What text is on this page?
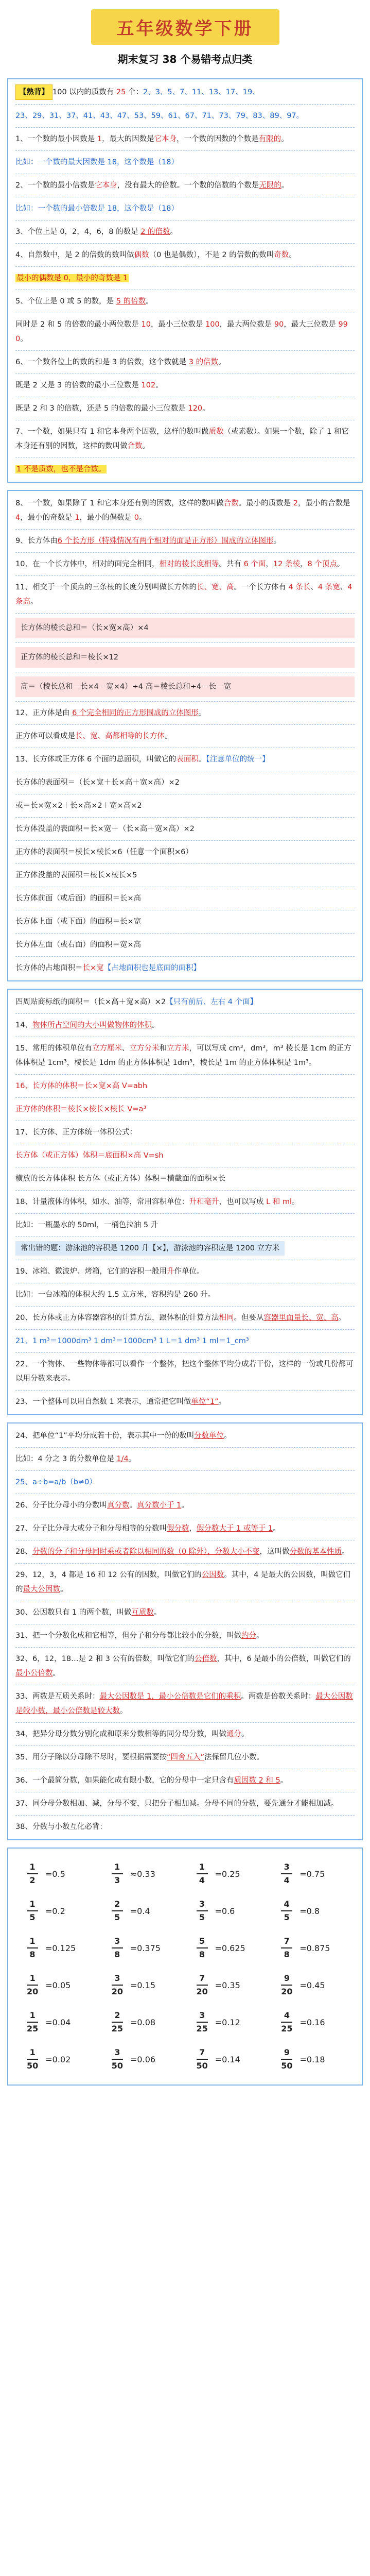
五年级数学下册
期末复习 38 个易错考点归类
【熟背】 100 以内的质数有 25 个：2、3、5、7、11、13、17、19、
23、29、31、37、41、43、47、53、59、61、67、71、73、79、83、89、97。
1、一个数的最小因数是 1，最大的因数是它本身，一个数的因数的个数是有限的。
比如：一个数的最大因数是 18，这个数是（18）
2、一个数的最小倍数是它本身，没有最大的倍数。一个数的倍数的个数是无限的。
比如：一个数的最小倍数是 18，这个数是（18）
3、个位上是 0，2，4，6，8 的数是 2 的倍数。
4、自然数中，是 2 的倍数的数叫做偶数（0 也是偶数），不是 2 的倍数的数叫奇数。
最小的偶数是 0，最小的奇数是 1
5、个位上是 0 或 5 的数，是 5 的倍数。
同时是 2 和 5 的倍数的最小两位数是 10，最小三位数是 100，最大两位数是 90，最大三位数是 990。
6、一个数各位上的数的和是 3 的倍数，这个数就是 3 的倍数。
既是 2 又是 3 的倍数的最小三位数是 102。
既是 2 和 3 的倍数，还是 5 的倍数的最小三位数是 120。
7、一个数，如果只有 1 和它本身两个因数，这样的数叫做质数（或素数）。如果一个数，除了 1 和它本身还有别的因数，这样的数叫做合数。
1 不是质数，也不是合数。
8、一个数，如果除了 1 和它本身还有别的因数，这样的数叫做合数。最小的质数是 2，最小的合数是 4，最小的奇数是 1，最小的偶数是 0。
9、长方体由6 个长方形（特殊情况有两个相对的面是正方形）围成的立体图形。
10、在一个长方体中，相对的面完全相同，相对的棱长度相等。共有 6 个面，12 条棱，8 个顶点。
11、相交于一个顶点的三条棱的长度分别叫做长方体的长、宽、高。一个长方体有 4 条长、4 条宽、4 条高。
长方体的棱长总和＝（长×宽×高）×4
正方体的棱长总和＝棱长×12
高＝（棱长总和－长×4－宽×4）÷4 高＝棱长总和÷4－长－宽
12、正方体是由 6 个完全相同的正方形围成的立体图形。
正方体可以看成是长、宽、高都相等的长方体。
13、长方体或正方体 6 个面的总面积，叫做它的表面积。【注意单位的统一】
长方体的表面积＝（长×宽＋长×高＋宽×高）×2
或＝长×宽×2＋长×高×2＋宽×高×2
长方体没盖的表面积＝长×宽＋（长×高＋宽×高）×2
正方体的表面积＝棱长×棱长×6（任意一个面积×6）
正方体没盖的表面积＝棱长×棱长×5
长方体前面（或后面）的面积＝长×高
长方体上面（或下面）的面积＝长×宽
长方体左面（或右面）的面积＝宽×高
长方体的占地面积＝长×宽【占地面积也是底面的面积】
四周贴商标纸的面积＝（长×高＋宽×高）×2【只有前后、左右 4 个面】
14、物体所占空间的大小叫做物体的体积。
15、常用的体积单位有立方厘米、立方分米和立方米，可以写成 cm³，dm³，m³ 棱长是 1cm 的正方体体积是 1cm³，棱长是 1dm 的正方体体积是 1dm³，棱长是 1m 的正方体体积是 1m³。
16、长方体的体积＝长×宽×高 V=abh
正方体的体积＝棱长×棱长×棱长 V=a³
17、长方体、正方体统一体积公式：
长方体（或正方体）体积＝底面积×高 V=sh
横放的长方体体积 长方体（或正方体）体积＝横截面的面积×长
18、计量液体的体积，如水、油等，常用容积单位：升和毫升，也可以写成 L 和 ml。
比如：一瓶墨水的 50ml，一桶色拉油 5 升
常出错的题：游泳池的容积是 1200 升【×】，游泳池的容积应是 1200 立方米
19、冰箱、微波炉、烤箱，它们的容积一般用升作单位。
比如：一台冰箱的体积大约 1.5 立方米，容积约是 260 升。
20、长方体或正方体容器容积的计算方法，跟体积的计算方法相同。但要从容器里面量长、宽、高。
21、1 m³＝1000dm³ 1 dm³＝1000cm³ 1 L＝1 dm³ 1 ml＝1_cm³
22、一个物体、一些物体等都可以看作一个整体，把这个整体平均分成若干份，这样的一份或几份都可以用分数来表示。
23、一个整体可以用自然数 1 来表示，通常把它叫做单位“1”。
24、把单位“1”平均分成若干份，表示其中一份的数叫分数单位。
比如：4 分之 3 的分数单位是 1/4。
25、a÷b=a/b（b≠0）
26、分子比分母小的分数叫真分数。真分数小于 1。
27、分子比分母大或分子和分母相等的分数叫假分数，假分数大于 1 或等于 1。
28、分数的分子和分母同时乘或者除以相同的数（0 除外），分数大小不变，这叫做分数的基本性质。
29、12，3，4 都是 16 和 12 公有的因数，叫做它们的公因数。其中，4 是最大的公因数，叫做它们的最大公因数。
30、公因数只有 1 的两个数，叫做互质数。
31、把一个分数化成和它相等，但分子和分母都比较小的分数，叫做约分。
32、6，12，18…是 2 和 3 公有的倍数，叫做它们的公倍数，其中，6 是最小的公倍数，叫做它们的最小公倍数。
33、两数是互质关系时：最大公因数是 1，最小公倍数是它们的乘积。两数是倍数关系时：最大公因数是较小数，最小公倍数是较大数。
34、把异分母分数分别化成和原来分数相等的同分母分数，叫做通分。
35、用分子除以分母除不尽时，要根据需要按“四舍五入”法保留几位小数。
36、一个最简分数，如果能化成有限小数，它的分母中一定只含有质因数 2 和 5。
37、同分母分数相加、减，分母不变，只把分子相加减。分母不同的分数，要先通分才能相加减。
38、分数与小数互化必背：
$\frac{1}{2} =0.5$	$\frac{1}{3} \approx 0.33$	$\frac{1}{4} =0.25$	$\frac{3}{4} =0.75$
$\frac{1}{5} =0.2$	$\frac{2}{5} =0.4$	$\frac{3}{5} =0.6$	$\frac{4}{5} =0.8$
$\frac{1}{8} =0.125$	$\frac{3}{8} =0.375$	$\frac{5}{8} =0.625$	$\frac{7}{8} =0.875$
$\frac{1}{20} =0.05$	$\frac{3}{20} =0.15$	$\frac{7}{20} =0.35$	$\frac{9}{20} =0.45$
$\frac{1}{25} =0.04$	$\frac{2}{25} =0.08$	$\frac{3}{25} =0.12$	$\frac{4}{25} =0.16$
$\frac{1}{50} =0.02$	$\frac{3}{50} =0.06$	$\frac{7}{50} =0.14$	$\frac{9}{50} =0.18$
